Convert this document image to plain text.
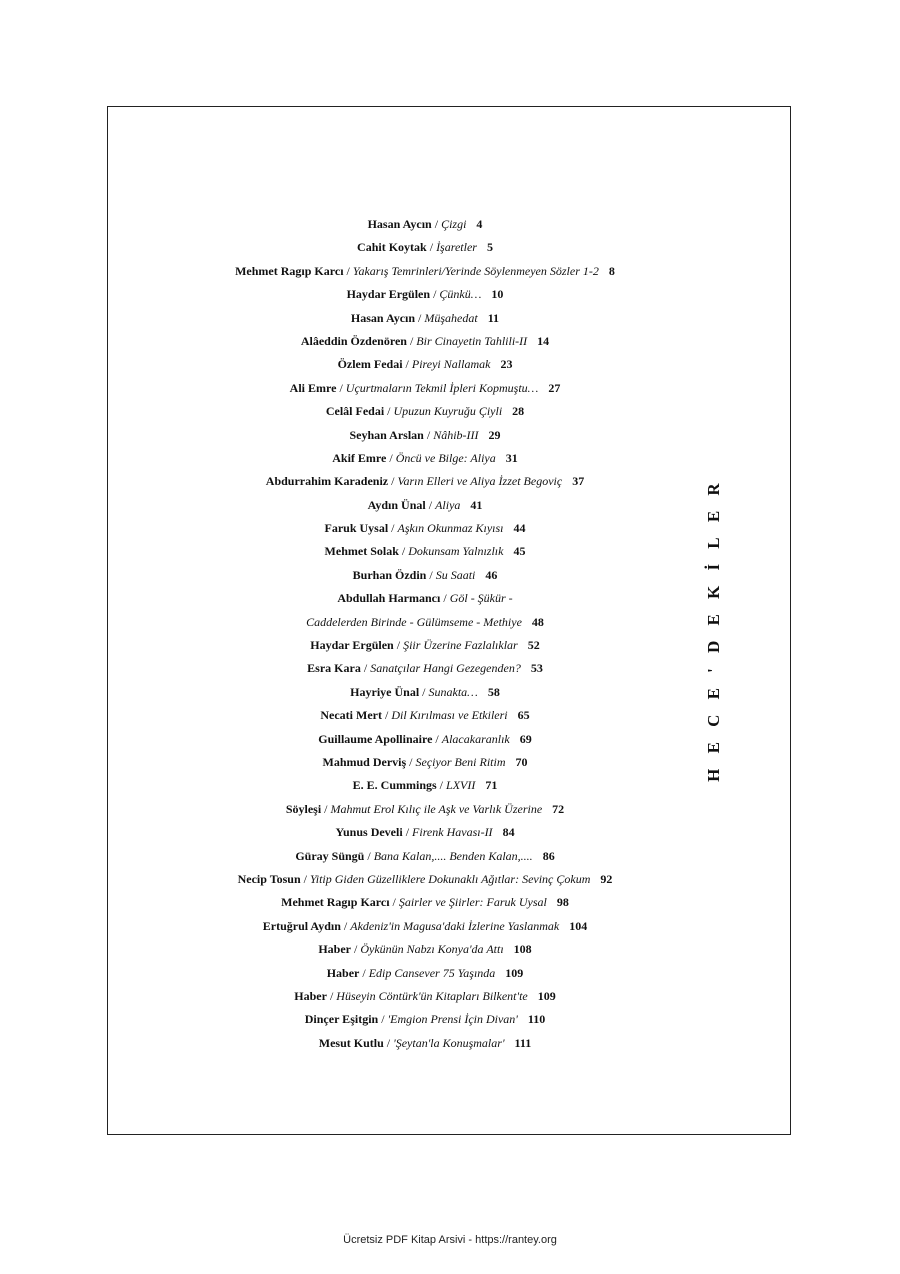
Hasan Aycın / Çizgi 4
Cahit Koytak / İşaretler 5
Mehmet Ragıp Karcı / Yakarış Temrinleri/Yerinde Söylenmeyen Sözler 1-2 8
Haydar Ergülen / Çünkü… 10
Hasan Aycın / Müşahedat 11
Alâeddin Özdenören / Bir Cinayetin Tahlili-II 14
Özlem Fedai / Pireyi Nallamak 23
Ali Emre / Uçurtmaların Tekmil İpleri Kopmuştu… 27
Celâl Fedai / Upuzun Kuyruğu Çiyli 28
Seyhan Arslan / Nâhib-III 29
Akif Emre / Öncü ve Bilge: Aliya 31
Abdurrahim Karadeniz / Varın Elleri ve Aliya İzzet Begoviç 37
Aydın Ünal / Aliya 41
Faruk Uysal / Aşkın Okunmaz Kıyısı 44
Mehmet Solak / Dokunsam Yalnızlık 45
Burhan Özdin / Su Saati 46
Abdullah Harmancı / Göl - Şükür -
Caddelerden Birinde - Gülümseme - Methiye 48
Haydar Ergülen / Şiir Üzerine Fazlalıklar 52
Esra Kara / Sanatçılar Hangi Gezegenden? 53
Hayriye Ünal / Sunakta… 58
Necati Mert / Dil Kırılması ve Etkileri 65
Guillaume Apollinaire / Alacakaranlık 69
Mahmud Derviş / Seçiyor Beni Ritim 70
E. E. Cummings / LXVII 71
Söyleşi / Mahmut Erol Kılıç ile Aşk ve Varlık Üzerine 72
Yunus Develi / Firenk Havası-II 84
Güray Süngü / Bana Kalan,.... Benden Kalan,.... 86
Necip Tosun / Yitip Giden Güzelliklere Dokunaklı Ağıtlar: Sevinç Çokum 92
Mehmet Ragıp Karcı / Şairler ve Şiirler: Faruk Uysal 98
Ertuğrul Aydın / Akdeniz'in Magusa'daki İzlerine Yaslanmak 104
Haber / Öykünün Nabzı Konya'da Attı 108
Haber / Edip Cansever 75 Yaşında 109
Haber / Hüseyin Cöntürk'ün Kitapları Bilkent'te 109
Dinçer Eşitgin / 'Emgion Prensi İçin Divan' 110
Mesut Kutlu / 'Şeytan'la Konuşmalar' 111
HECE'DEKİLER
Ücretsiz PDF Kitap Arsivi - https://rantey.org
